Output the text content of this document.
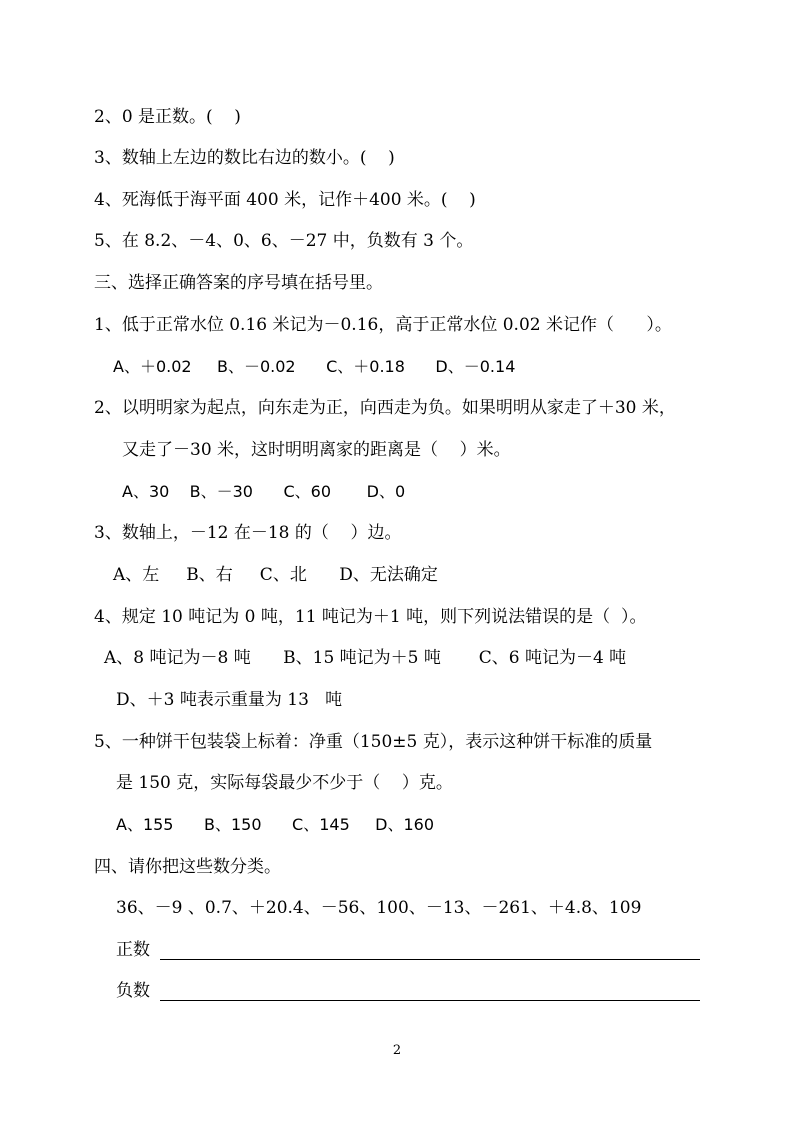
2、0 是正数。(    )
3、数轴上左边的数比右边的数小。(    )
4、死海低于海平面 400 米，记作＋400 米。(    )
5、在 8.2、－4、0、6、－27 中，负数有 3 个。
三、选择正确答案的序号填在括号里。
1、低于正常水位 0.16 米记为－0.16，高于正常水位 0.02 米记作（      ）。
A、＋0.02     B、－0.02      C、＋0.18      D、－0.14
2、以明明家为起点，向东走为正，向西走为负。如果明明从家走了＋30 米，
又走了－30 米，这时明明离家的距离是（    ）米。
A、30    B、－30      C、60       D、0
3、数轴上，－12 在－18 的（    ）边。
A、左     B、右     C、北      D、无法确定
4、规定 10 吨记为 0 吨，11 吨记为＋1 吨，则下列说法错误的是（  ）。
A、8 吨记为－8 吨      B、15 吨记为＋5 吨       C、6 吨记为－4 吨
D、＋3 吨表示重量为 13   吨
5、一种饼干包装袋上标着：净重（150±5 克），表示这种饼干标准的质量
是 150 克，实际每袋最少不少于（    ）克。
A、155      B、150      C、145     D、160
四、请你把这些数分类。
36、－9 、0.7、＋20.4、－56、100、－13、－261、＋4.8、109
正数
负数
2
